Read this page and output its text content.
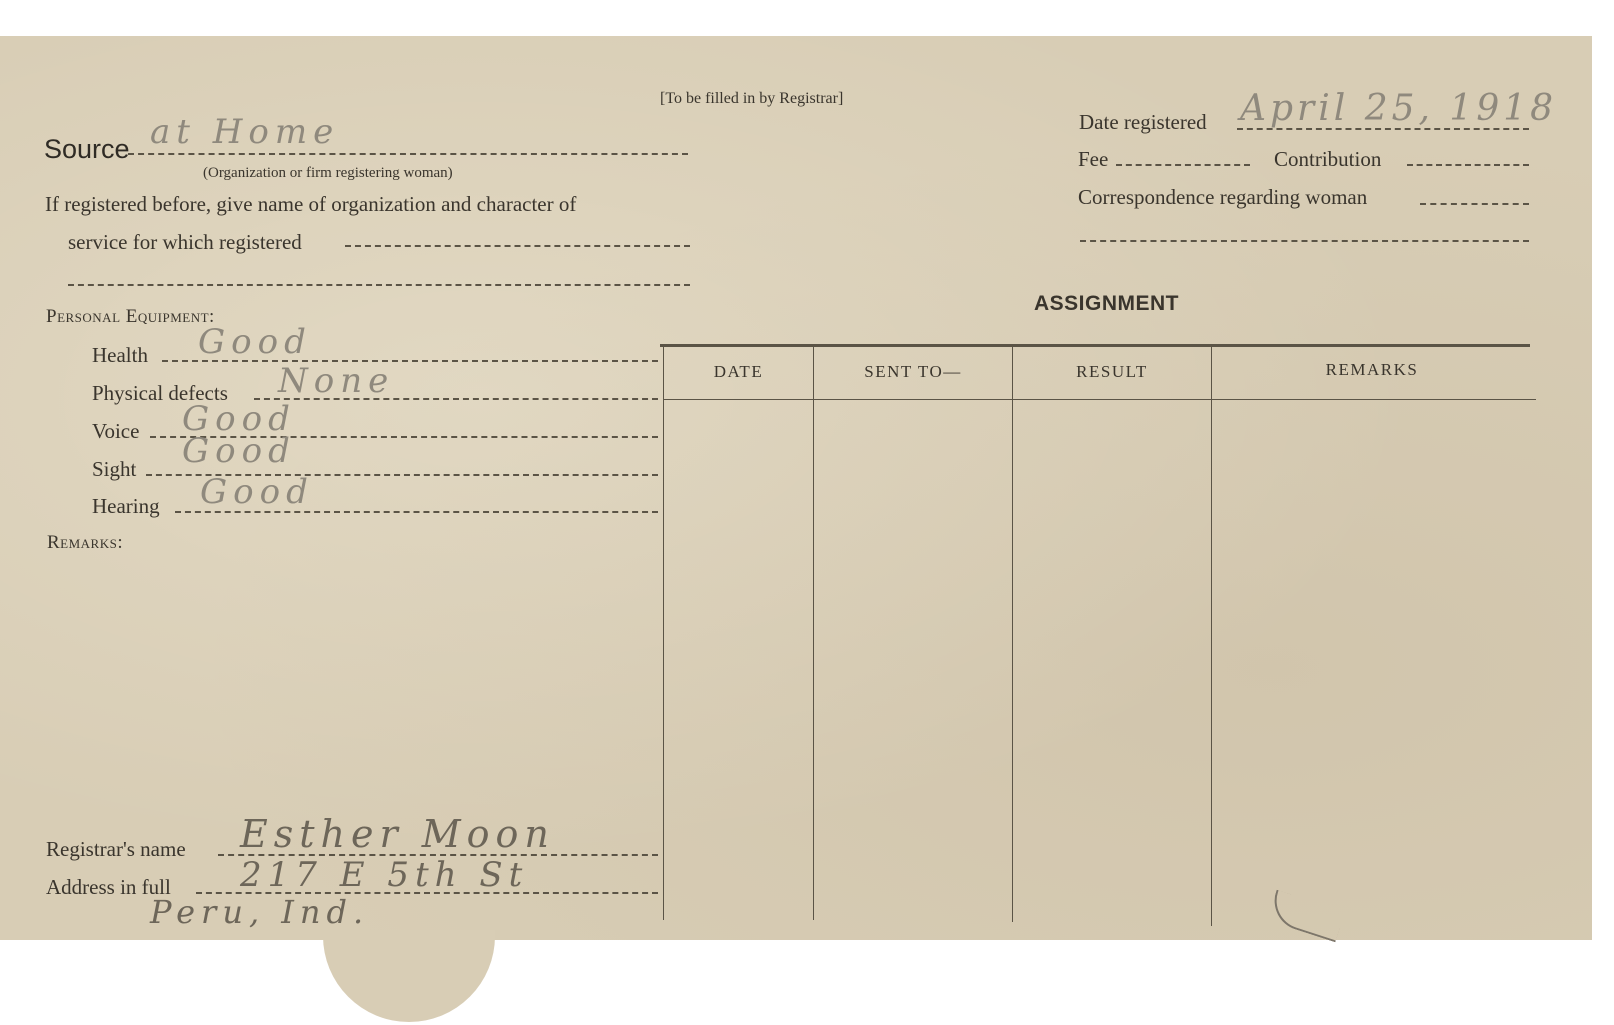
[To be filled in by Registrar]
Source at Home
(Organization or firm registering woman)
If registered before, give name of organization and character of
service for which registered
Date registered April 25, 1918
Fee	Contribution
Correspondence regarding woman
Personal Equipment:
Health Good
Physical defects None
Voice Good
Sight Good
Hearing Good
Remarks:
Registrar's name Esther Moon
Address in full 217 E 5th St
Peru, Ind.
ASSIGNMENT
DATE	SENT TO—	RESULT	REMARKS
